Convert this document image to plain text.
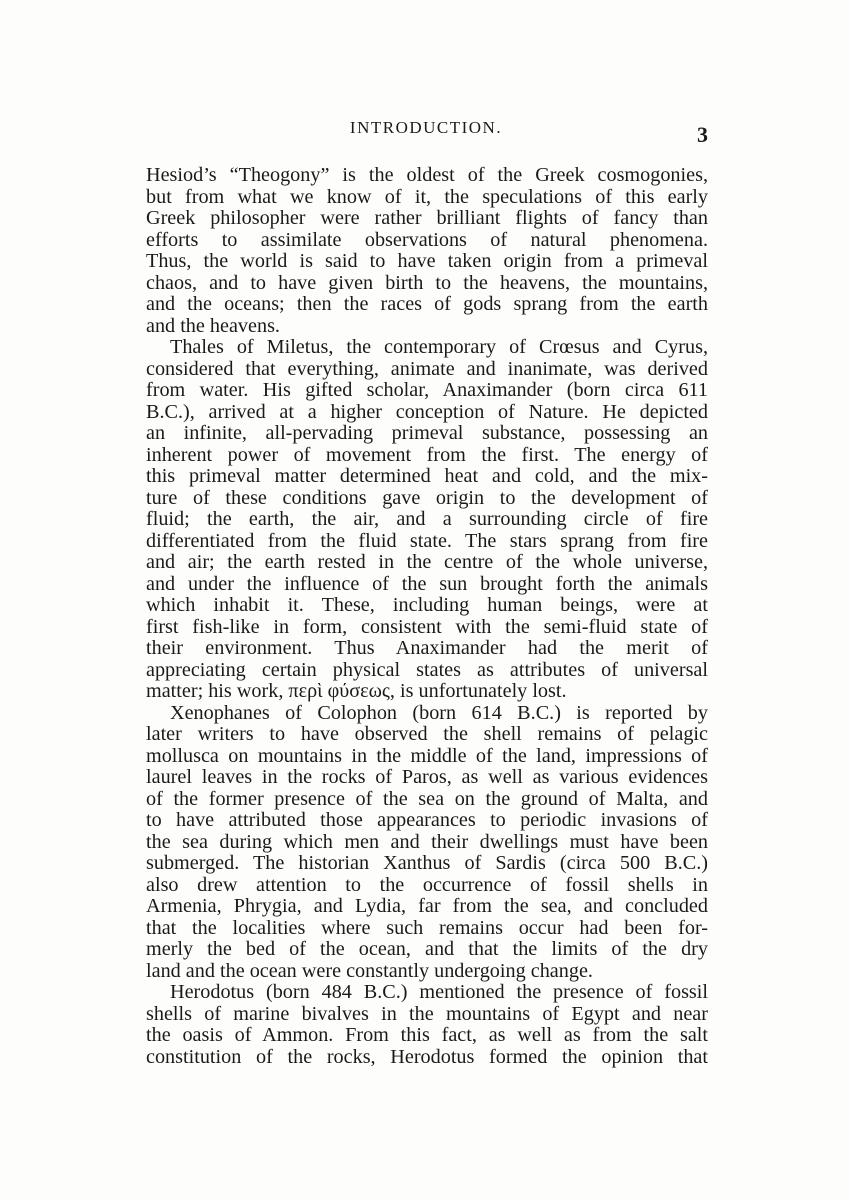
INTRODUCTION.	3
Hesiod’s “Theogony” is the oldest of the Greek cosmogonies,
but from what we know of it, the speculations of this early
Greek philosopher were rather brilliant flights of fancy than
efforts to assimilate observations of natural phenomena.
Thus, the world is said to have taken origin from a primeval
chaos, and to have given birth to the heavens, the mountains,
and the oceans; then the races of gods sprang from the earth
and the heavens.
Thales of Miletus, the contemporary of Crœsus and Cyrus,
considered that everything, animate and inanimate, was derived
from water. His gifted scholar, Anaximander (born circa 611
B.C.), arrived at a higher conception of Nature. He depicted
an infinite, all-pervading primeval substance, possessing an
inherent power of movement from the first. The energy of
this primeval matter determined heat and cold, and the mix-
ture of these conditions gave origin to the development of
fluid; the earth, the air, and a surrounding circle of fire
differentiated from the fluid state. The stars sprang from fire
and air; the earth rested in the centre of the whole universe,
and under the influence of the sun brought forth the animals
which inhabit it. These, including human beings, were at
first fish-like in form, consistent with the semi-fluid state of
their environment. Thus Anaximander had the merit of
appreciating certain physical states as attributes of universal
matter; his work, περὶ φύσεως, is unfortunately lost.
Xenophanes of Colophon (born 614 B.C.) is reported by
later writers to have observed the shell remains of pelagic
mollusca on mountains in the middle of the land, impressions of
laurel leaves in the rocks of Paros, as well as various evidences
of the former presence of the sea on the ground of Malta, and
to have attributed those appearances to periodic invasions of
the sea during which men and their dwellings must have been
submerged. The historian Xanthus of Sardis (circa 500 B.C.)
also drew attention to the occurrence of fossil shells in
Armenia, Phrygia, and Lydia, far from the sea, and concluded
that the localities where such remains occur had been for-
merly the bed of the ocean, and that the limits of the dry
land and the ocean were constantly undergoing change.
Herodotus (born 484 B.C.) mentioned the presence of fossil
shells of marine bivalves in the mountains of Egypt and near
the oasis of Ammon. From this fact, as well as from the salt
constitution of the rocks, Herodotus formed the opinion that
